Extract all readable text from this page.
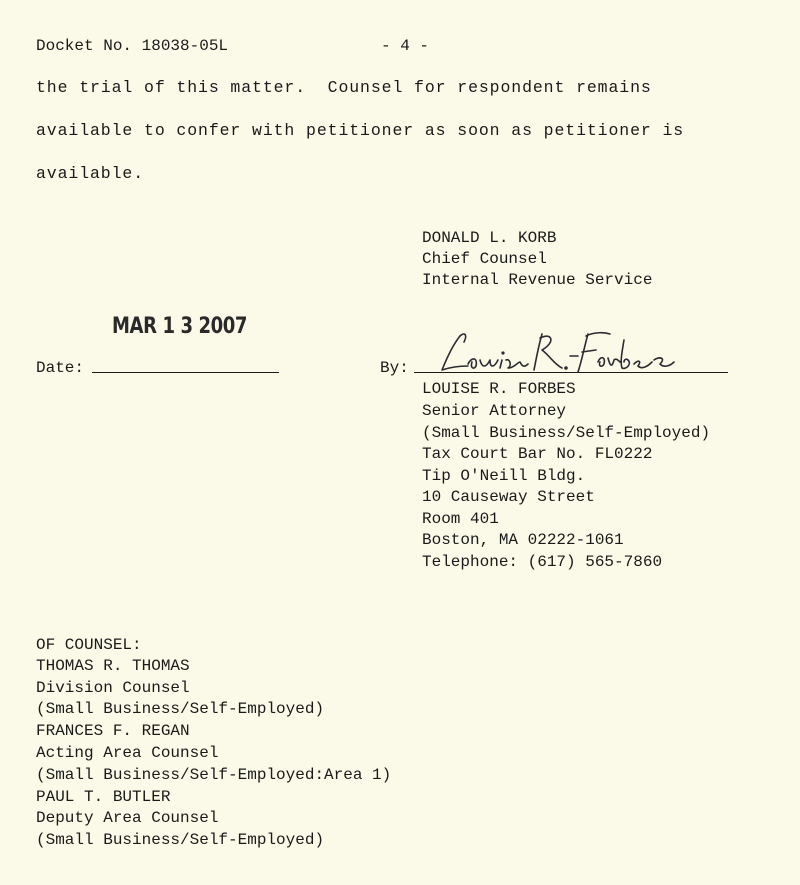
Docket No. 18038-05L	- 4 -
the trial of this matter.  Counsel for respondent remains
available to confer with petitioner as soon as petitioner is
available.
DONALD L. KORB
Chief Counsel
Internal Revenue Service
MAR 1 3 2007
Date:	By:
LOUISE R. FORBES
Senior Attorney
(Small Business/Self-Employed)
Tax Court Bar No. FL0222
Tip O'Neill Bldg.
10 Causeway Street
Room 401
Boston, MA 02222-1061
Telephone: (617) 565-7860
OF COUNSEL:
THOMAS R. THOMAS
Division Counsel
(Small Business/Self-Employed)
FRANCES F. REGAN
Acting Area Counsel
(Small Business/Self-Employed:Area 1)
PAUL T. BUTLER
Deputy Area Counsel
(Small Business/Self-Employed)
